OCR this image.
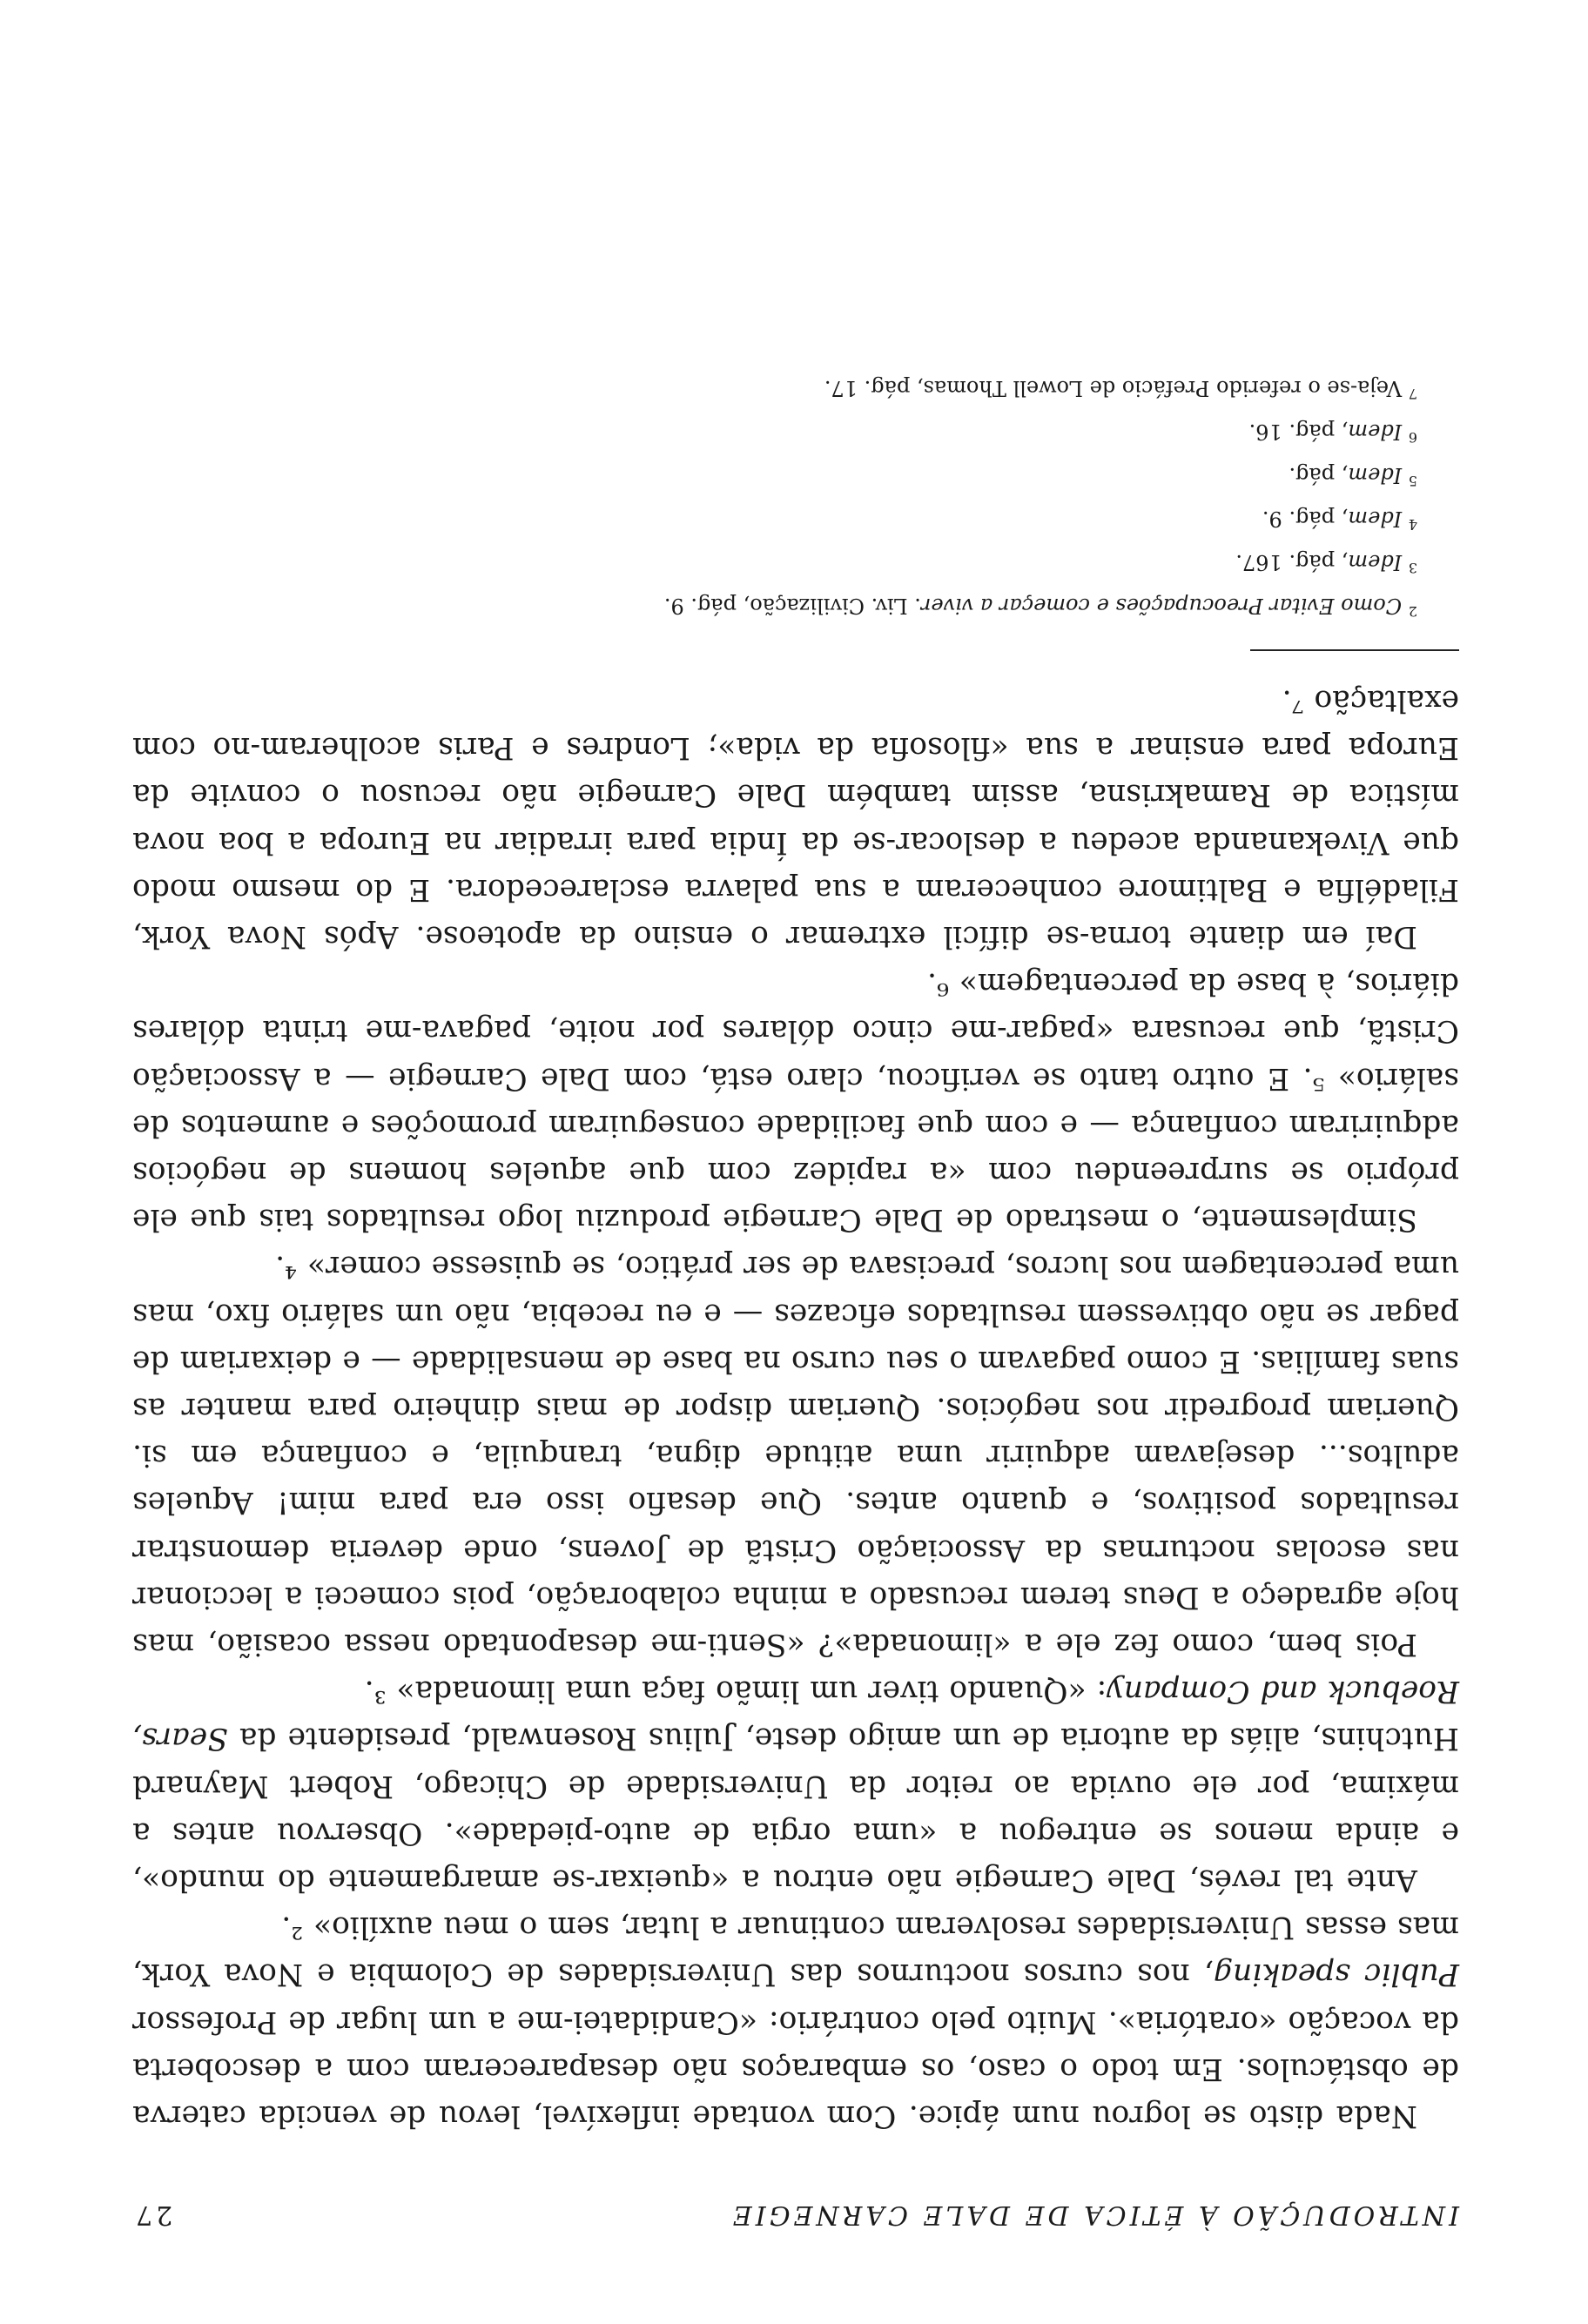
INTRODUÇÃO À ÉTICA DE DALE CARNEGIE
27

Nada disto se logrou num ápice. Com vontade inflexível, levou de vencida caterva de obstáculos. Em todo o caso, os embaraços não desapareceram com a descoberta da vocação «oratória». Muito pelo contrário: «Candidatei-me a um lugar de Professor Public speaking, nos cursos nocturnos das Universidades de Colombia e Nova York, mas essas Universidades resolveram continuar a lutar, sem o meu auxílio» ².

Ante tal revés, Dale Carnegie não entrou a «queixar-se amargamente do mundo», e ainda menos se entregou a «uma orgia de auto-piedade». Observou antes a máxima, por ele ouvida ao reitor da Universidade de Chicago, Robert Maynard Hutchins, aliás da autoria de um amigo deste, Julius Rosenwald, presidente da Sears, Roebuck and Company: «Quando tiver um limão faça uma limonada» ³.

Pois bem, como fez ele a «limonada»? «Senti-me desapontado nessa ocasião, mas hoje agradeço a Deus terem recusado a minha colaboração, pois comecei a leccionar nas escolas nocturnas da Associação Cristã de Jovens, onde deveria demonstrar resultados positivos, e quanto antes. Que desafio isso era para mim! Aqueles adultos... desejavam adquirir uma atitude digna, tranquila, e confiança em si. Queriam progredir nos negócios. Queriam dispor de mais dinheiro para manter as suas famílias. E como pagavam o seu curso na base de mensalidade — e deixariam de pagar se não obtivessem resultados eficazes — e eu recebia, não um salário fixo, mas uma percentagem nos lucros, precisava de ser prático, se quisesse comer» ⁴.

Simplesmente, o mestrado de Dale Carnegie produziu logo resultados tais que ele próprio se surpreendeu com «a rapidez com que aqueles homens de negócios adquiriram confiança — e com que facilidade conseguiram promoções e aumentos de salário» ⁵. E outro tanto se verificou, claro está, com Dale Carnegie — a Associação Cristã, que recusara «pagar-me cinco dólares por noite, pagava-me trinta dólares diários, à base da percentagem» ⁶.

Daí em diante torna-se difícil extremar o ensino da apoteose. Após Nova York, Filadélfia e Baltimore conheceram a sua palavra esclarecedora. E do mesmo modo que Vivekananda acedeu a deslocar-se da Índia para irradiar na Europa a boa nova mística de Ramakrisna, assim também Dale Carnegie não recusou o convite da Europa para ensinar a sua «filosofia da vida»; Londres e Paris acolheram-no com exaltação ⁷.

$^2$ Como Evitar Preocupações e começar a viver. Liv. Civilização, pág. 9.
$^3$ Idem, pág. 167.
$^4$ Idem, pág. 9.
$^5$ Idem, pág.
$^6$ Idem, pág. 16.
$^7$ Veja-se o referido Prefácio de Lowell Thomas, pág. 17.
